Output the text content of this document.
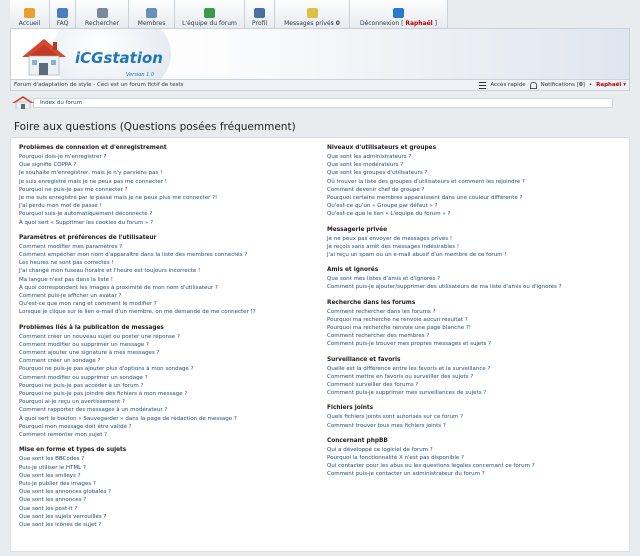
Accueil	FAQ	Rechercher	Membres	L'équipe du forum	Profil	Messages privés 0	Déconnexion [ Raphaël ]
iCGstation
Version 1.0
Forum d'adaptation de style - Ceci est un forum fictif de tests	Accès rapide	Notifications [0] • Raphaël ▾
Index du forum
Foire aux questions (Questions posées fréquemment)
Problèmes de connexion et d'enregistrement
Pourquoi dois-je m'enregistrer ?
Que signifie COPPA ?
Je souhaite m'enregistrer, mais je n'y parviens pas !
Je suis enregistré mais je ne peux pas me connecter !
Pourquoi ne puis-je pas me connecter ?
Je me suis enregistré par le passé mais je ne peux plus me connecter ?!
J'ai perdu mon mot de passe !
Pourquoi suis-je automatiquement déconnecté ?
À quoi sert « Supprimer les cookies du forum » ?
Paramètres et préférences de l'utilisateur
Comment modifier mes paramètres ?
Comment empêcher mon nom d'apparaître dans la liste des membres connectés ?
Les heures ne sont pas correctes !
J'ai changé mon fuseau horaire et l'heure est toujours incorrecte !
Ma langue n'est pas dans la liste !
À quoi correspondent les images à proximité de mon nom d'utilisateur ?
Comment puis-je afficher un avatar ?
Qu'est-ce que mon rang et comment le modifier ?
Lorsque je clique sur le lien e-mail d'un membre, on me demande de me connecter !?
Problèmes liés à la publication de messages
Comment créer un nouveau sujet ou poster une réponse ?
Comment modifier ou supprimer un message ?
Comment ajouter une signature à mes messages ?
Comment créer un sondage ?
Pourquoi ne puis-je pas ajouter plus d'options à mon sondage ?
Comment modifier ou supprimer un sondage ?
Pourquoi ne puis-je pas accéder à un forum ?
Pourquoi ne puis-je pas joindre des fichiers à mon message ?
Pourquoi ai-je reçu un avertissement ?
Comment rapporter des messages à un modérateur ?
À quoi sert le bouton « Sauvegarder » dans la page de rédaction de message ?
Pourquoi mon message doit être validé ?
Comment remonter mon sujet ?
Mise en forme et types de sujets
Que sont les BBCodes ?
Puis-je utiliser le HTML ?
Que sont les smileys ?
Puis-je publier des images ?
Que sont les annonces globales ?
Que sont les annonces ?
Que sont les post-it ?
Que sont les sujets verrouillés ?
Que sont les icônes de sujet ?
Niveaux d'utilisateurs et groupes
Que sont les administrateurs ?
Que sont les modérateurs ?
Que sont les groupes d'utilisateurs ?
Où trouver la liste des groupes d'utilisateurs et comment les rejoindre ?
Comment devenir chef de groupe ?
Pourquoi certains membres apparaissent dans une couleur différente ?
Qu'est-ce qu'un « Groupe par défaut » ?
Qu'est-ce que le lien « L'équipe du forum » ?
Messagerie privée
Je ne peux pas envoyer de messages privés !
Je reçois sans arrêt des messages indésirables !
J'ai reçu un spam ou un e-mail abusif d'un membre de ce forum !
Amis et ignorés
Que sont mes listes d'amis et d'ignorés ?
Comment puis-je ajouter/supprimer des utilisateurs de ma liste d'amis ou d'ignorés ?
Recherche dans les forums
Comment rechercher dans les forums ?
Pourquoi ma recherche ne renvoie aucun résultat ?
Pourquoi ma recherche renvoie une page blanche ?!
Comment rechercher des membres ?
Comment puis-je trouver mes propres messages et sujets ?
Surveillance et favoris
Quelle est la différence entre les favoris et la surveillance ?
Comment mettre en favoris ou surveiller des sujets ?
Comment surveiller des forums ?
Comment puis-je supprimer mes surveillances de sujets ?
Fichiers joints
Quels fichiers joints sont autorisés sur ce forum ?
Comment trouver tous mes fichiers joints ?
Concernant phpBB
Qui a développé ce logiciel de forum ?
Pourquoi la fonctionnalité X n'est pas disponible ?
Qui contacter pour les abus ou les questions légales concernant ce forum ?
Comment puis-je contacter un administrateur du forum ?
